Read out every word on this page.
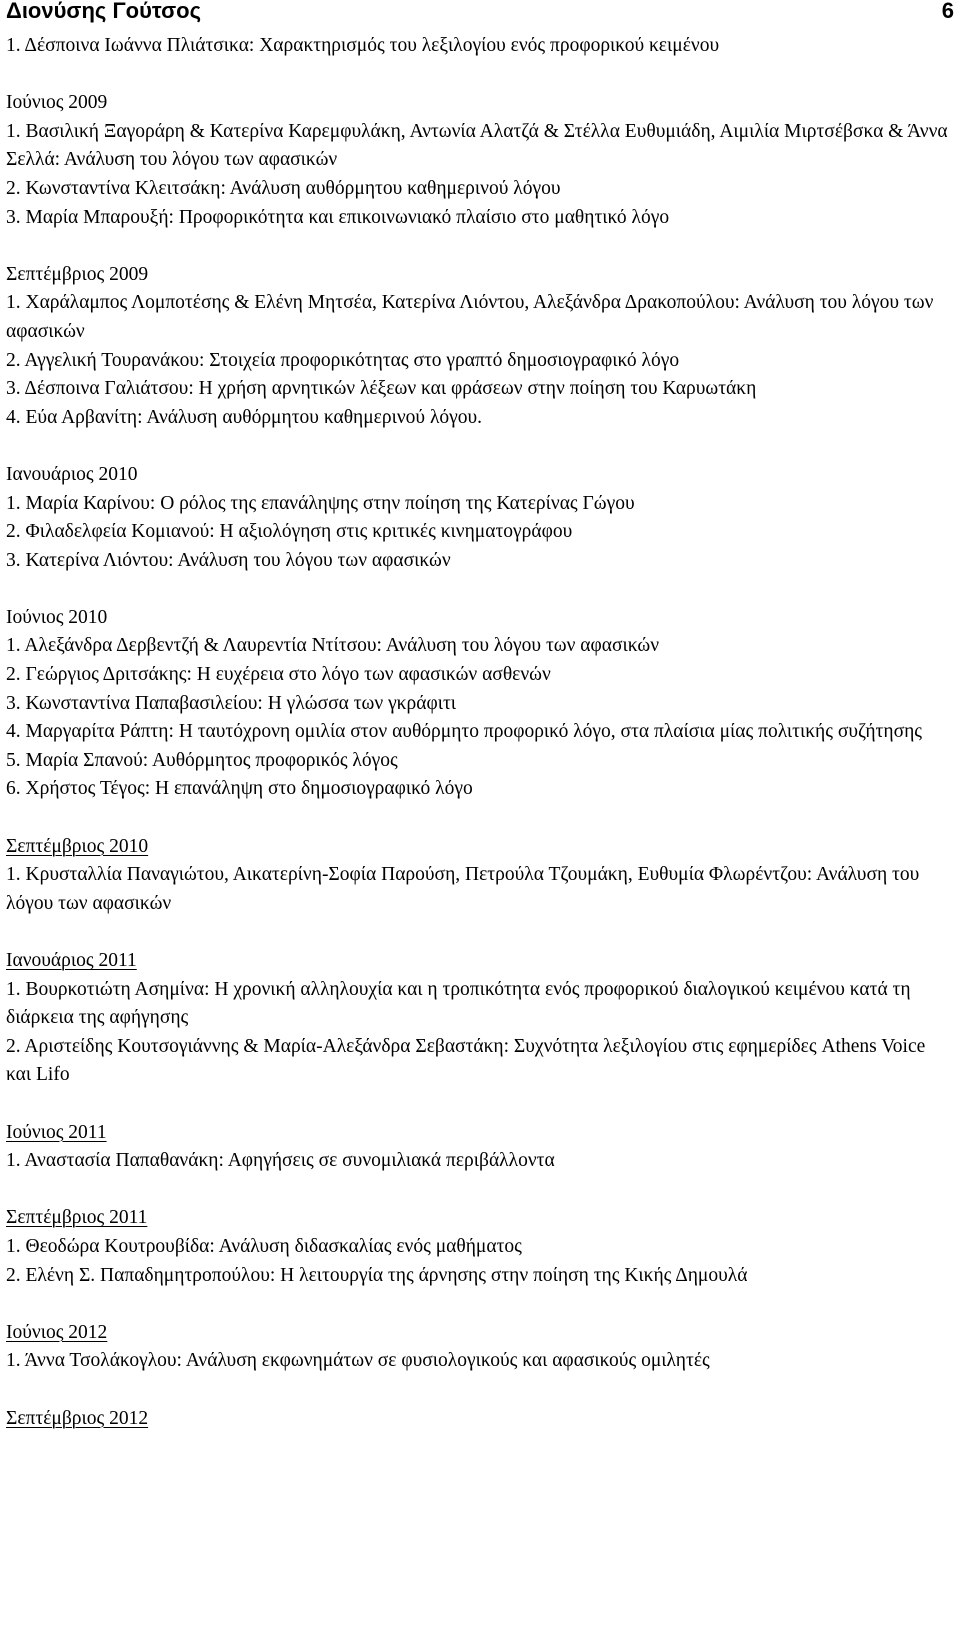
Διονύσης Γούτσος	6
1. Δέσποινα Ιωάννα Πλιάτσικα: Χαρακτηρισμός του λεξιλογίου ενός προφορικού κειμένου
Ιούνιος 2009
1. Βασιλική Ξαγοράρη & Κατερίνα Καρεμφυλάκη, Αντωνία Αλατζά & Στέλλα Ευθυμιάδη, Αιμιλία Μιρτσέβσκα & Άννα Σελλά: Ανάλυση του λόγου των αφασικών
2. Κωνσταντίνα Κλειτσάκη: Ανάλυση αυθόρμητου καθημερινού λόγου
3. Μαρία Μπαρουξή: Προφορικότητα και επικοινωνιακό πλαίσιο στο μαθητικό λόγο
Σεπτέμβριος 2009
1. Χαράλαμπος Λομποτέσης & Ελένη Μητσέα, Κατερίνα Λιόντου, Αλεξάνδρα Δρακοπούλου: Ανάλυση του λόγου των αφασικών
2. Αγγελική Τουρανάκου: Στοιχεία προφορικότητας στο γραπτό δημοσιογραφικό λόγο
3. Δέσποινα Γαλιάτσου: Η χρήση αρνητικών λέξεων και φράσεων στην ποίηση του Καρυωτάκη
4. Εύα Αρβανίτη: Ανάλυση αυθόρμητου καθημερινού λόγου.
Ιανουάριος 2010
1. Μαρία Καρίνου: Ο ρόλος της επανάληψης στην ποίηση της Κατερίνας Γώγου
2. Φιλαδελφεία Κομιανού: Η αξιολόγηση στις κριτικές κινηματογράφου
3. Κατερίνα Λιόντου: Ανάλυση του λόγου των αφασικών
Ιούνιος 2010
1. Αλεξάνδρα Δερβεντζή & Λαυρεντία Ντίτσου: Ανάλυση του λόγου των αφασικών
2. Γεώργιος Δριτσάκης: Η ευχέρεια στο λόγο των αφασικών ασθενών
3. Κωνσταντίνα Παπαβασιλείου: Η γλώσσα των γκράφιτι
4. Μαργαρίτα Ράπτη: Η ταυτόχρονη ομιλία στον αυθόρμητο προφορικό λόγο, στα πλαίσια μίας πολιτικής συζήτησης
5. Μαρία Σπανού: Αυθόρμητος προφορικός λόγος
6. Χρήστος Τέγος: Η επανάληψη στο δημοσιογραφικό λόγο
Σεπτέμβριος 2010
1. Κρυσταλλία Παναγιώτου, Αικατερίνη-Σοφία Παρούση, Πετρούλα Τζουμάκη, Ευθυμία Φλωρέντζου: Ανάλυση του λόγου των αφασικών
Ιανουάριος 2011
1. Βουρκοτιώτη Ασημίνα: Η χρονική αλληλουχία και η τροπικότητα ενός προφορικού διαλογικού κειμένου κατά τη διάρκεια της αφήγησης
2. Αριστείδης Κουτσογιάννης & Μαρία-Αλεξάνδρα Σεβαστάκη: Συχνότητα λεξιλογίου στις εφημερίδες Athens Voice και Lifo
Ιούνιος 2011
1. Αναστασία Παπαθανάκη: Αφηγήσεις σε συνομιλιακά περιβάλλοντα
Σεπτέμβριος 2011
1. Θεοδώρα Κουτρουβίδα: Ανάλυση διδασκαλίας ενός μαθήματος
2. Ελένη Σ. Παπαδημητροπούλου: Η λειτουργία της άρνησης στην ποίηση της Κικής Δημουλά
Ιούνιος 2012
1. Άννα Τσολάκογλου: Ανάλυση εκφωνημάτων σε φυσιολογικούς και αφασικούς ομιλητές
Σεπτέμβριος 2012
